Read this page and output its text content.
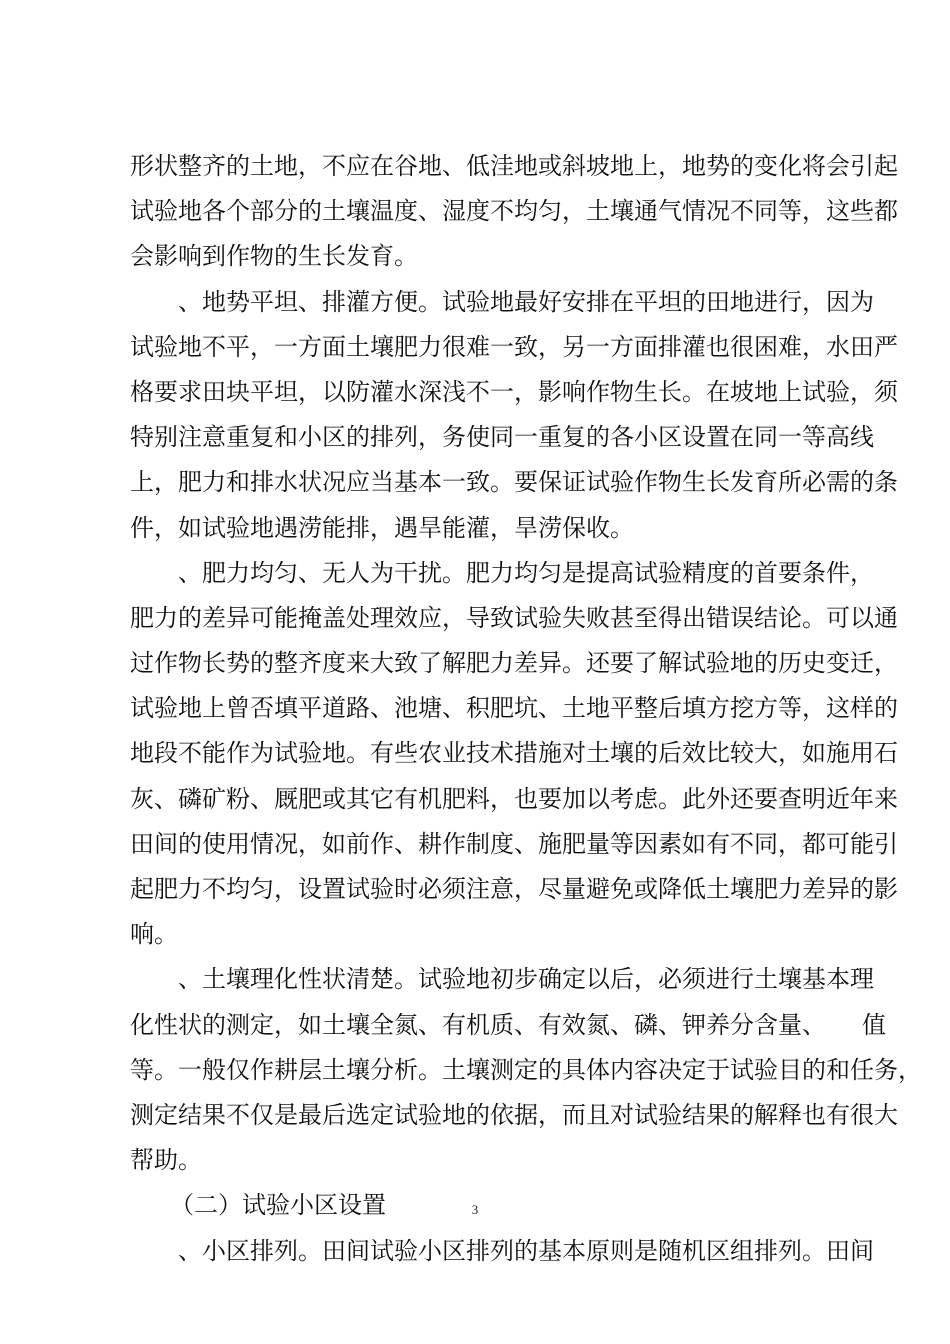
形状整齐的土地，不应在谷地、低洼地或斜坡地上，地势的变化将会引起
试验地各个部分的土壤温度、湿度不均匀，土壤通气情况不同等，这些都
会影响到作物的生长发育。
、地势平坦、排灌方便。试验地最好安排在平坦的田地进行，因为
试验地不平，一方面土壤肥力很难一致，另一方面排灌也很困难，水田严
格要求田块平坦，以防灌水深浅不一，影响作物生长。在坡地上试验，须
特别注意重复和小区的排列，务使同一重复的各小区设置在同一等高线
上，肥力和排水状况应当基本一致。要保证试验作物生长发育所必需的条
件，如试验地遇涝能排，遇旱能灌，旱涝保收。
、肥力均匀、无人为干扰。肥力均匀是提高试验精度的首要条件，
肥力的差异可能掩盖处理效应，导致试验失败甚至得出错误结论。可以通
过作物长势的整齐度来大致了解肥力差异。还要了解试验地的历史变迁，
试验地上曾否填平道路、池塘、积肥坑、土地平整后填方挖方等，这样的
地段不能作为试验地。有些农业技术措施对土壤的后效比较大，如施用石
灰、磷矿粉、厩肥或其它有机肥料，也要加以考虑。此外还要查明近年来
田间的使用情况，如前作、耕作制度、施肥量等因素如有不同，都可能引
起肥力不均匀，设置试验时必须注意，尽量避免或降低土壤肥力差异的影
响。
、土壤理化性状清楚。试验地初步确定以后，必须进行土壤基本理
化性状的测定，如土壤全氮、有机质、有效氮、磷、钾养分含量、　　值
等。一般仅作耕层土壤分析。土壤测定的具体内容决定于试验目的和任务，
测定结果不仅是最后选定试验地的依据，而且对试验结果的解释也有很大
帮助。
（二）试验小区设置
、小区排列。田间试验小区排列的基本原则是随机区组排列。田间
3
